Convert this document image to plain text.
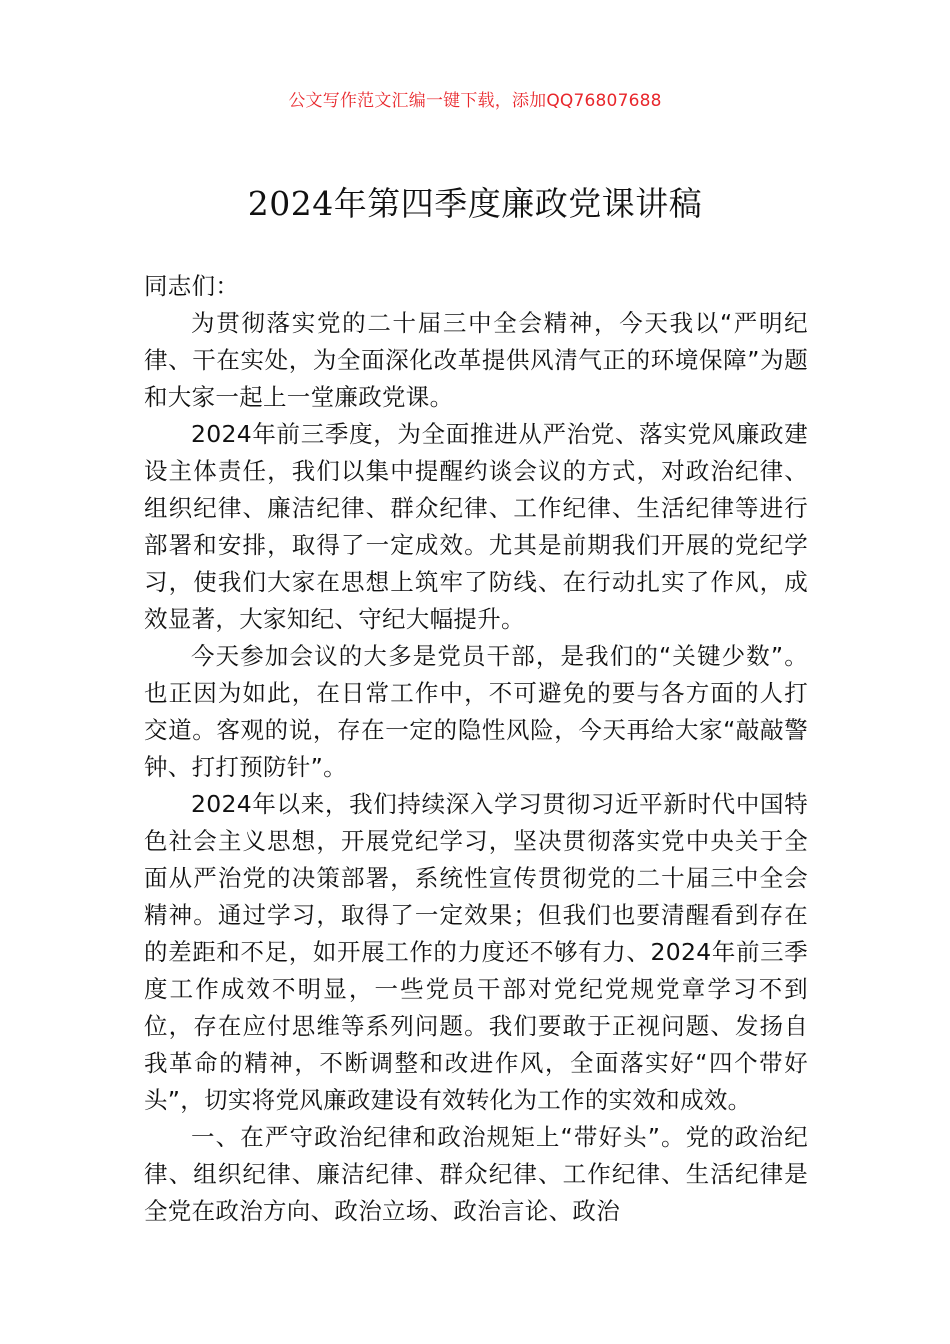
公文写作范文汇编一键下载，添加QQ76807688
2024年第四季度廉政党课讲稿

同志们：

为贯彻落实党的二十届三中全会精神，今天我以“严明纪律、干在实处，为全面深化改革提供风清气正的环境保障”为题和大家一起上一堂廉政党课。

2024年前三季度，为全面推进从严治党、落实党风廉政建设主体责任，我们以集中提醒约谈会议的方式，对政治纪律、组织纪律、廉洁纪律、群众纪律、工作纪律、生活纪律等进行部署和安排，取得了一定成效。尤其是前期我们开展的党纪学习，使我们大家在思想上筑牢了防线、在行动扎实了作风，成效显著，大家知纪、守纪大幅提升。

今天参加会议的大多是党员干部，是我们的“关键少数”。也正因为如此，在日常工作中，不可避免的要与各方面的人打交道。客观的说，存在一定的隐性风险，今天再给大家“敲敲警钟、打打预防针”。

2024年以来，我们持续深入学习贯彻习近平新时代中国特色社会主义思想，开展党纪学习，坚决贯彻落实党中央关于全面从严治党的决策部署，系统性宣传贯彻党的二十届三中全会精神。通过学习，取得了一定效果；但我们也要清醒看到存在的差距和不足，如开展工作的力度还不够有力、2024年前三季度工作成效不明显，一些党员干部对党纪党规党章学习不到位，存在应付思维等系列问题。我们要敢于正视问题、发扬自我革命的精神，不断调整和改进作风，全面落实好“四个带好头”，切实将党风廉政建设有效转化为工作的实效和成效。

一、在严守政治纪律和政治规矩上“带好头”。党的政治纪律、组织纪律、廉洁纪律、群众纪律、工作纪律、生活纪律是全党在政治方向、政治立场、政治言论、政治
